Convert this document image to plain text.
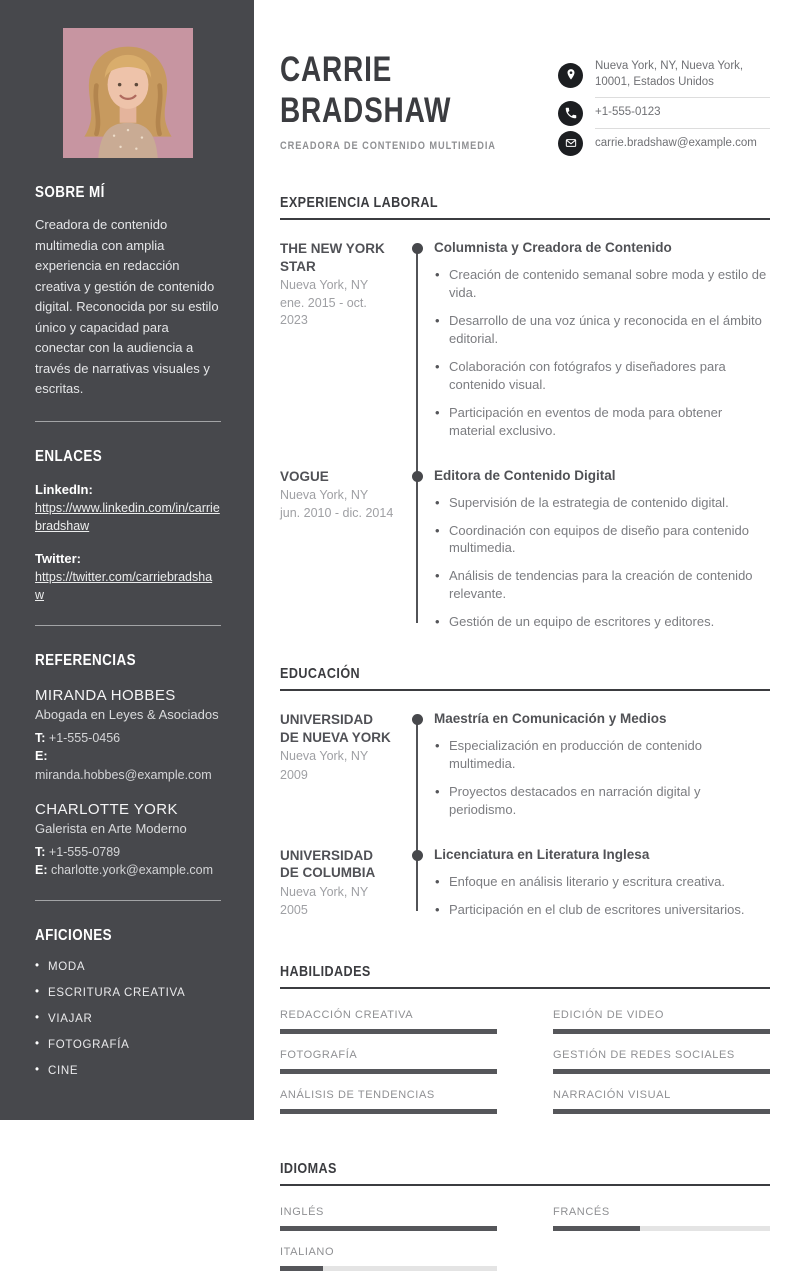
SOBRE MÍ

Creadora de contenido multimedia con amplia experiencia en redacción creativa y gestión de contenido digital. Reconocida por su estilo único y capacidad para conectar con la audiencia a través de narrativas visuales y escritas.

ENLACES
LinkedIn:
https://www.linkedin.com/in/carriebradshaw
Twitter:
https://twitter.com/carriebradshaw
REFERENCIAS
MIRANDA HOBBES
Abogada en Leyes & Asociados
T: +1-555-0456
E: miranda.hobbes@example.com
CHARLOTTE YORK
Galerista en Arte Moderno
T: +1-555-0789
E: charlotte.york@example.com
AFICIONES
• MODA
• ESCRITURA CREATIVA
• VIAJAR
• FOTOGRAFÍA
• CINE
CARRIE
BRADSHAW
CREADORA DE CONTENIDO MULTIMEDIA
Nueva York, NY, Nueva York, 10001, Estados Unidos
+1-555-0123
carrie.bradshaw@example.com
EXPERIENCIA LABORAL
THE NEW YORK STAR
Nueva York, NY
ene. 2015 - oct. 2023
Columnista y Creadora de Contenido
• Creación de contenido semanal sobre moda y estilo de vida.
• Desarrollo de una voz única y reconocida en el ámbito editorial.
• Colaboración con fotógrafos y diseñadores para contenido visual.
• Participación en eventos de moda para obtener material exclusivo.
VOGUE
Nueva York, NY
jun. 2010 - dic. 2014
Editora de Contenido Digital
• Supervisión de la estrategia de contenido digital.
• Coordinación con equipos de diseño para contenido multimedia.
• Análisis de tendencias para la creación de contenido relevante.
• Gestión de un equipo de escritores y editores.
EDUCACIÓN
UNIVERSIDAD DE NUEVA YORK
Nueva York, NY
2009
Maestría en Comunicación y Medios
• Especialización en producción de contenido multimedia.
• Proyectos destacados en narración digital y periodismo.
UNIVERSIDAD DE COLUMBIA
Nueva York, NY
2005
Licenciatura en Literatura Inglesa
• Enfoque en análisis literario y escritura creativa.
• Participación en el club de escritores universitarios.
HABILIDADES
REDACCIÓN CREATIVA	EDICIÓN DE VIDEO
FOTOGRAFÍA	GESTIÓN DE REDES SOCIALES
ANÁLISIS DE TENDENCIAS	NARRACIÓN VISUAL
IDIOMAS
INGLÉS	FRANCÉS
ITALIANO
